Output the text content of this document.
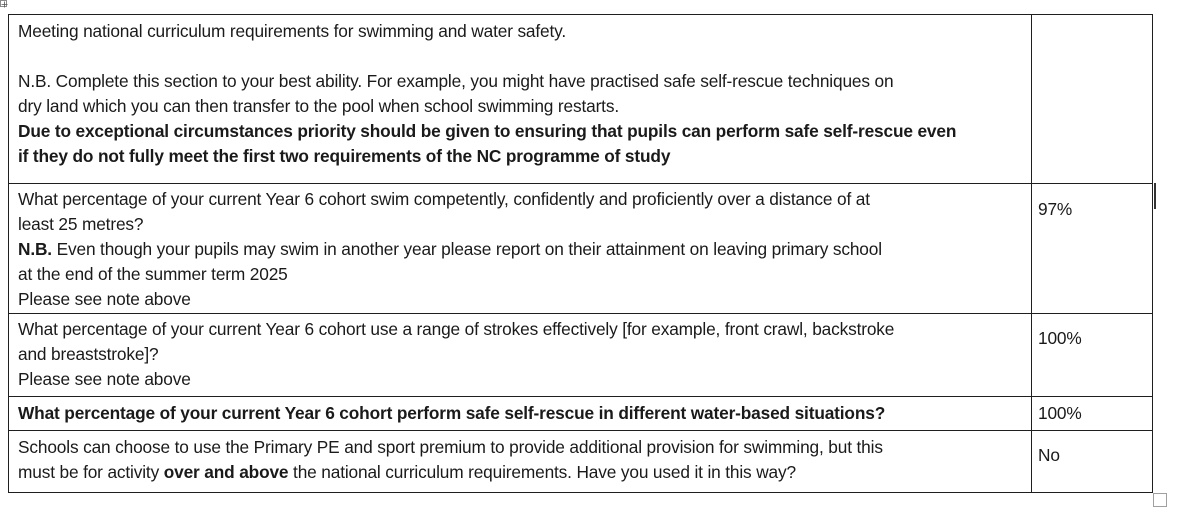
Meeting national curriculum requirements for swimming and water safety.
N.B. Complete this section to your best ability. For example, you might have practised safe self-rescue techniques on
dry land which you can then transfer to the pool when school swimming restarts.
Due to exceptional circumstances priority should be given to ensuring that pupils can perform safe self-rescue even
if they do not fully meet the first two requirements of the NC programme of study	

What percentage of your current Year 6 cohort swim competently, confidently and proficiently over a distance of at
least 25 metres?
N.B. Even though your pupils may swim in another year please report on their attainment on leaving primary school
at the end of the summer term 2025
Please see note above	97%

What percentage of your current Year 6 cohort use a range of strokes effectively [for example, front crawl, backstroke
and breaststroke]?
Please see note above	100%

What percentage of your current Year 6 cohort perform safe self-rescue in different water-based situations?	100%

Schools can choose to use the Primary PE and sport premium to provide additional provision for swimming, but this
must be for activity over and above the national curriculum requirements. Have you used it in this way?	No
